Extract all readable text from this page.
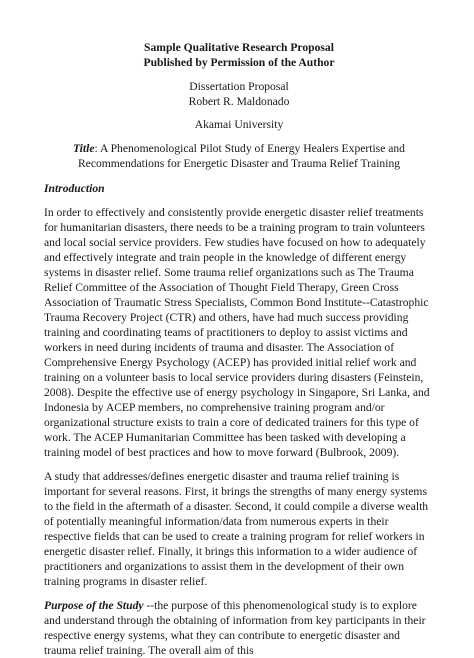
Sample Qualitative Research Proposal
Published by Permission of the Author
Dissertation Proposal
Robert R. Maldonado
Akamai University
Title: A Phenomenological Pilot Study of Energy Healers Expertise and Recommendations for Energetic Disaster and Trauma Relief Training
Introduction

In order to effectively and consistently provide energetic disaster relief treatments for humanitarian disasters, there needs to be a training program to train volunteers and local social service providers. Few studies have focused on how to adequately and effectively integrate and train people in the knowledge of different energy systems in disaster relief. Some trauma relief organizations such as The Trauma Relief Committee of the Association of Thought Field Therapy, Green Cross Association of Traumatic Stress Specialists, Common Bond Institute--Catastrophic Trauma Recovery Project (CTR) and others, have had much success providing training and coordinating teams of practitioners to deploy to assist victims and workers in need during incidents of trauma and disaster. The Association of Comprehensive Energy Psychology (ACEP) has provided initial relief work and training on a volunteer basis to local service providers during disasters (Feinstein, 2008). Despite the effective use of energy psychology in Singapore, Sri Lanka, and Indonesia by ACEP members, no comprehensive training program and/or organizational structure exists to train a core of dedicated trainers for this type of work. The ACEP Humanitarian Committee has been tasked with developing a training model of best practices and how to move forward (Bulbrook, 2009).

A study that addresses/defines energetic disaster and trauma relief training is important for several reasons. First, it brings the strengths of many energy systems to the field in the aftermath of a disaster. Second, it could compile a diverse wealth of potentially meaningful information/data from numerous experts in their respective fields that can be used to create a training program for relief workers in energetic disaster relief. Finally, it brings this information to a wider audience of practitioners and organizations to assist them in the development of their own training programs in disaster relief.

Purpose of the Study --the purpose of this phenomenological study is to explore and understand through the obtaining of information from key participants in their respective energy systems, what they can contribute to energetic disaster and trauma relief training. The overall aim of this
